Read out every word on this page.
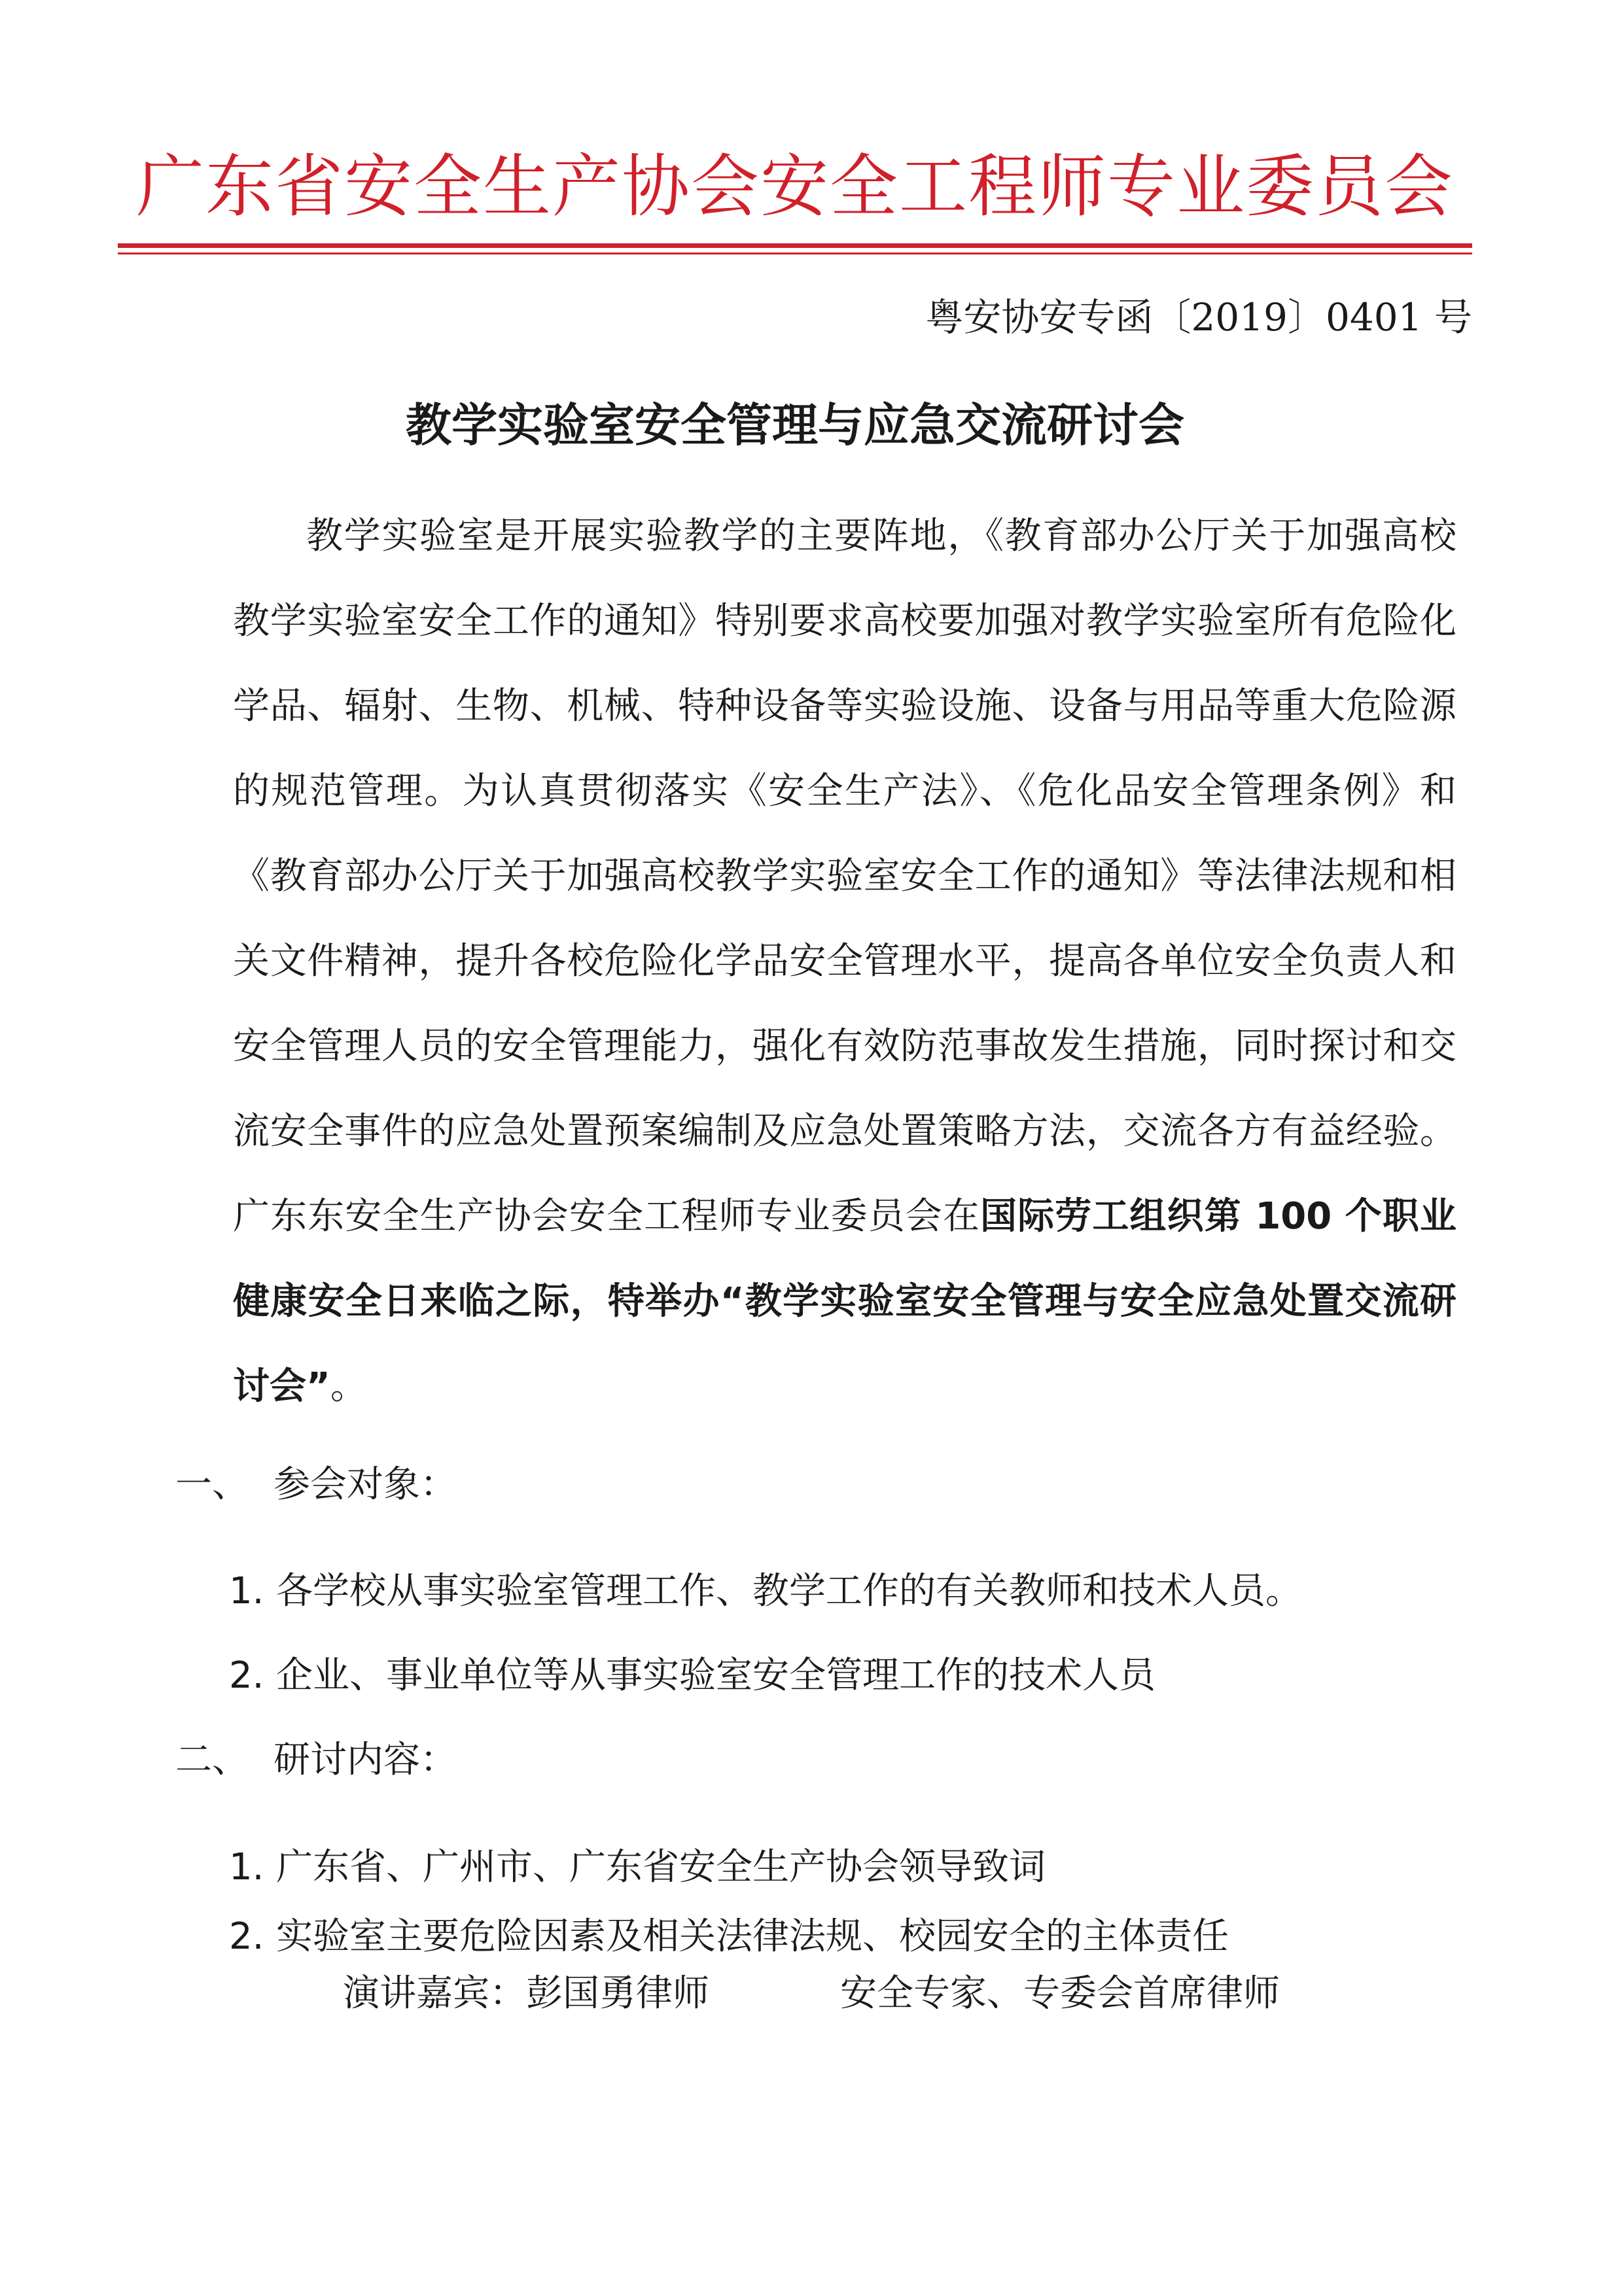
广东省安全生产协会安全工程师专业委员会
粤安协安专函〔2019〕0401 号
教学实验室安全管理与应急交流研讨会
教学实验室是开展实验教学的主要阵地，《教育部办公厅关于加强高校教学实验室安全工作的通知》特别要求高校要加强对教学实验室所有危险化学品、辐射、生物、机械、特种设备等实验设施、设备与用品等重大危险源的规范管理。为认真贯彻落实《安全生产法》、《危化品安全管理条例》和《教育部办公厅关于加强高校教学实验室安全工作的通知》等法律法规和相关文件精神，提升各校危险化学品安全管理水平，提高各单位安全负责人和安全管理人员的安全管理能力，强化有效防范事故发生措施，同时探讨和交流安全事件的应急处置预案编制及应急处置策略方法，交流各方有益经验。广东东安全生产协会安全工程师专业委员会在国际劳工组织第 100 个职业健康安全日来临之际，特举办“教学实验室安全管理与安全应急处置交流研讨会”。
一、 参会对象：
1. 各学校从事实验室管理工作、教学工作的有关教师和技术人员。
2. 企业、事业单位等从事实验室安全管理工作的技术人员
二、 研讨内容：
1. 广东省、广州市、广东省安全生产协会领导致词
2. 实验室主要危险因素及相关法律法规、校园安全的主体责任
演讲嘉宾：彭国勇律师	安全专家、专委会首席律师
